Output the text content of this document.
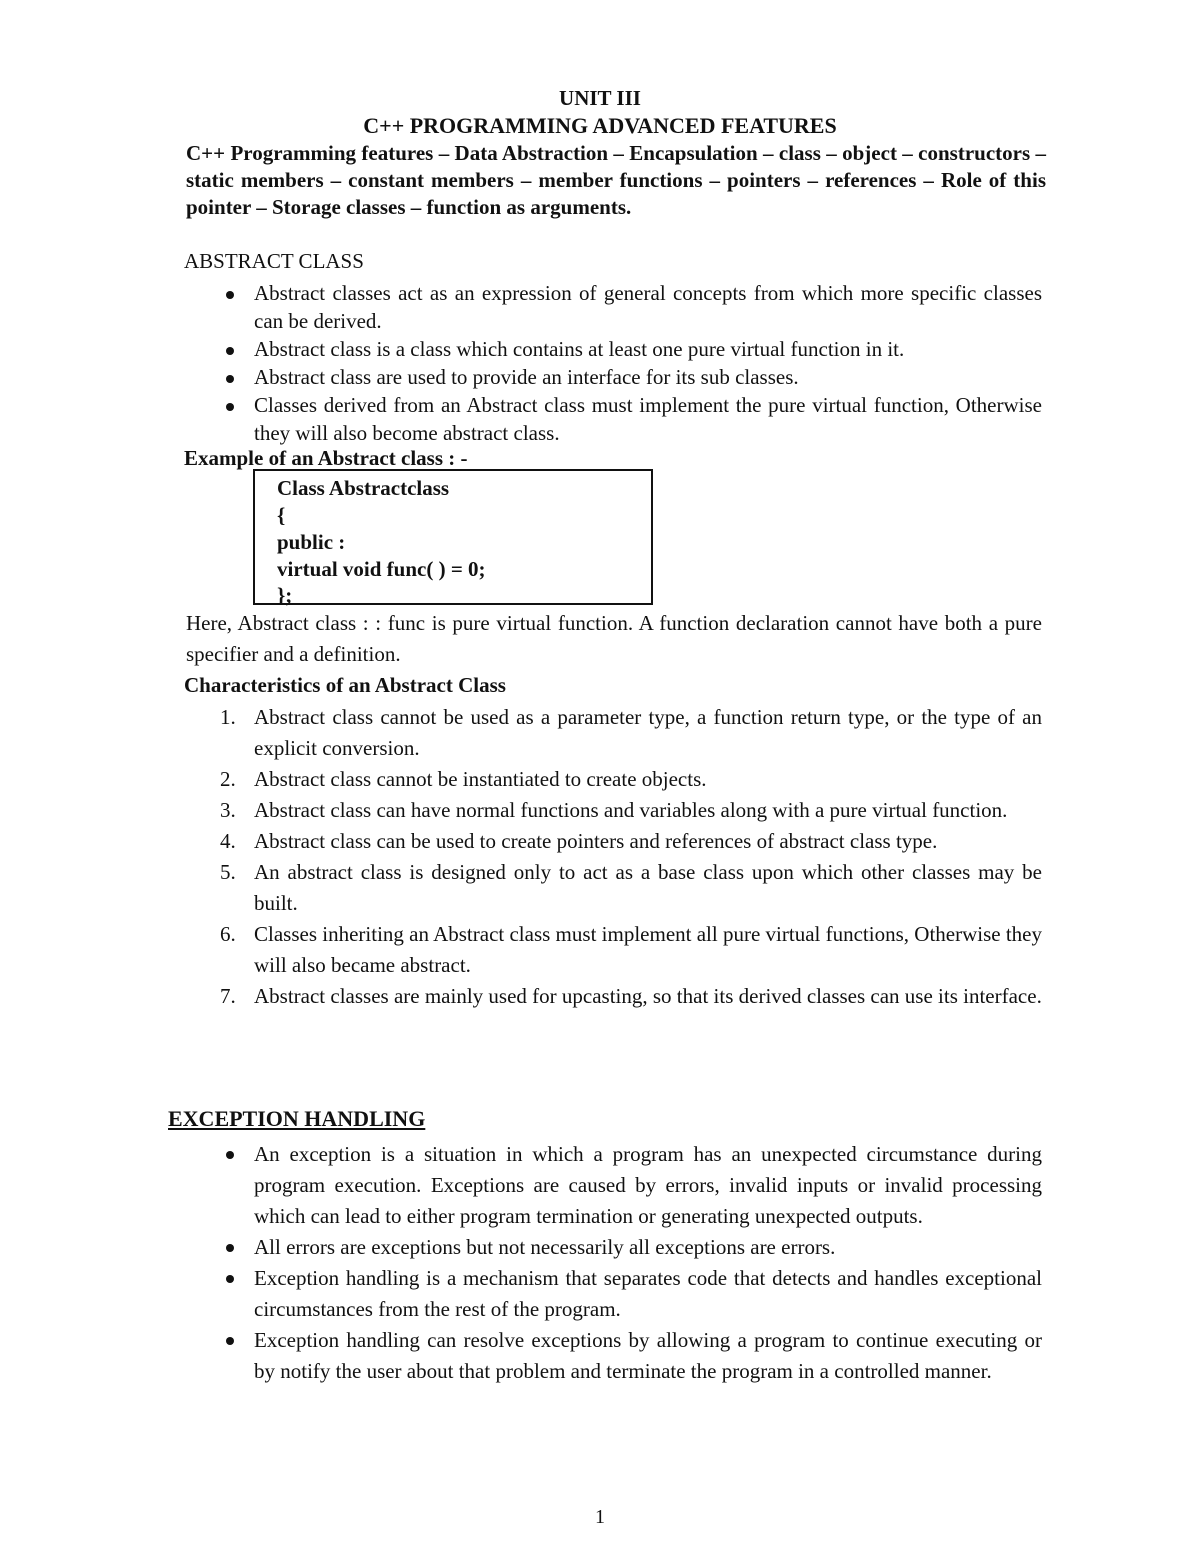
UNIT III
C++ PROGRAMMING ADVANCED FEATURES
C++ Programming features – Data Abstraction – Encapsulation – class – object – constructors – static members – constant members – member functions – pointers – references – Role of this pointer – Storage classes – function as arguments.
ABSTRACT CLASS
Abstract classes act as an expression of general concepts from which more specific classes can be derived.
Abstract class is a class which contains at least one pure virtual function in it.
Abstract class are used to provide an interface for its sub classes.
Classes derived from an Abstract class must implement the pure virtual function, Otherwise they will also become abstract class.
Example of an Abstract class : -
Class Abstractclass
{
public :
virtual void func( ) = 0;
};
Here, Abstract class : : func is pure virtual function. A function declaration cannot have both a pure specifier and a definition.
Characteristics of an Abstract Class
1. Abstract class cannot be used as a parameter type, a function return type, or the type of an explicit conversion.
2. Abstract class cannot be instantiated to create objects.
3. Abstract class can have normal functions and variables along with a pure virtual function.
4. Abstract class can be used to create pointers and references of abstract class type.
5. An abstract class is designed only to act as a base class upon which other classes may be built.
6. Classes inheriting an Abstract class must implement all pure virtual functions, Otherwise they will also became abstract.
7. Abstract classes are mainly used for upcasting, so that its derived classes can use its interface.
EXCEPTION HANDLING
An exception is a situation in which a program has an unexpected circumstance during program execution. Exceptions are caused by errors, invalid inputs or invalid processing which can lead to either program termination or generating unexpected outputs.
All errors are exceptions but not necessarily all exceptions are errors.
Exception handling is a mechanism that separates code that detects and handles exceptional circumstances from the rest of the program.
Exception handling can resolve exceptions by allowing a program to continue executing or by notify the user about that problem and terminate the program in a controlled manner.
1
